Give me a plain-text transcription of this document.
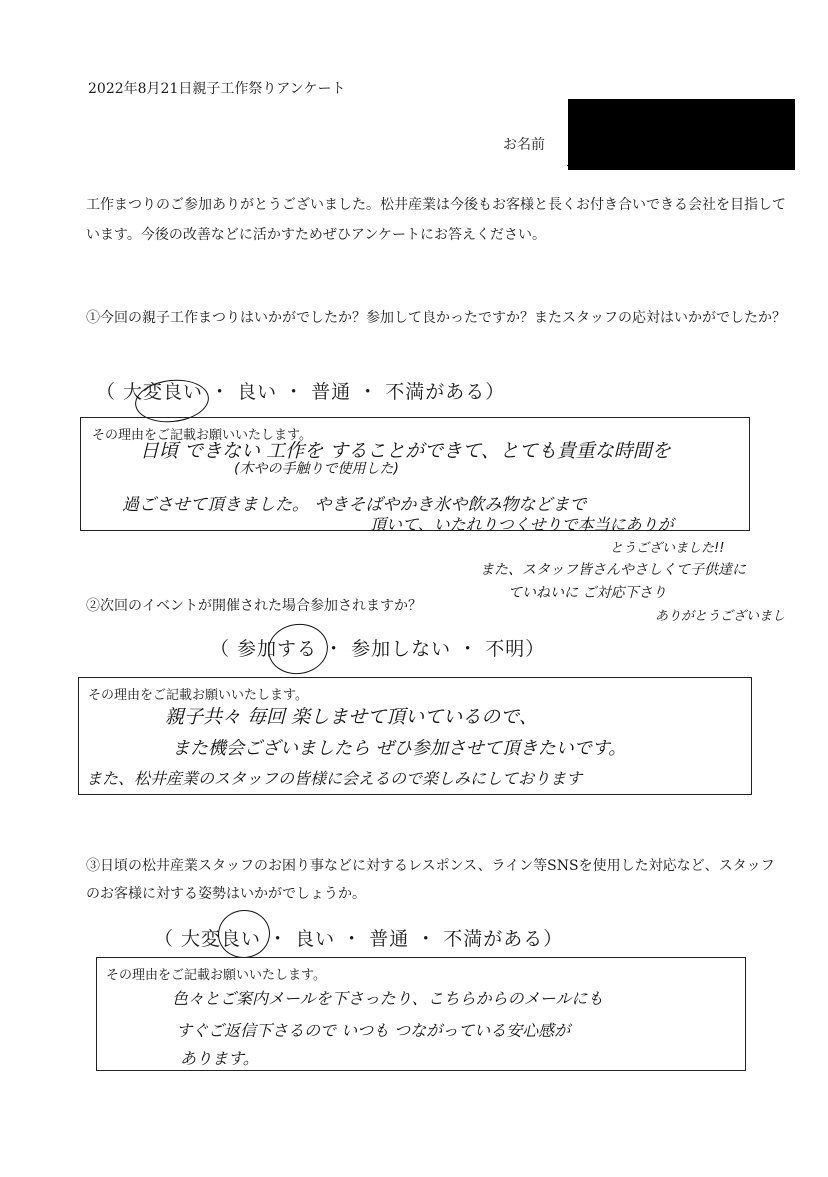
2022年8月21日親子工作祭りアンケート
お名前
工作まつりのご参加ありがとうございました。松井産業は今後もお客様と長くお付き合いできる会社を目指しています。今後の改善などに活かすためぜひアンケートにお答えください。
①今回の親子工作まつりはいかがでしたか？参加して良かったですか？またスタッフの応対はいかがでしたか？
（ 大変良い ・ 良い ・ 普通 ・ 不満がある）
その理由をご記載お願いいたします。
日頃 できない 工作を することができて、とても貴重な時間を
(木やの手触りで使用した)
過ごさせて頂きました。 やきそばやかき氷や飲み物などまで
頂いて、いたれりつくせりで本当にありが
とうございました!!
また、スタッフ皆さんやさしくて子供達に
ていねいに ご対応下さり
ありがとうございまし
②次回のイベントが開催された場合参加されますか？
（ 参加する ・ 参加しない ・ 不明）
その理由をご記載お願いいたします。
親子共々 毎回 楽しませて頂いているので、
また機会ございましたら ぜひ参加させて頂きたいです。
また、松井産業のスタッフの皆様に会えるので楽しみにしております
③日頃の松井産業スタッフのお困り事などに対するレスポンス、ライン等SNSを使用した対応など、スタッフのお客様に対する姿勢はいかがでしょうか。
（ 大変良い ・ 良い ・ 普通 ・ 不満がある）
その理由をご記載お願いいたします。
色々とご案内メールを下さったり、こちらからのメールにも
すぐご返信下さるので いつも つながっている安心感が
あります。
